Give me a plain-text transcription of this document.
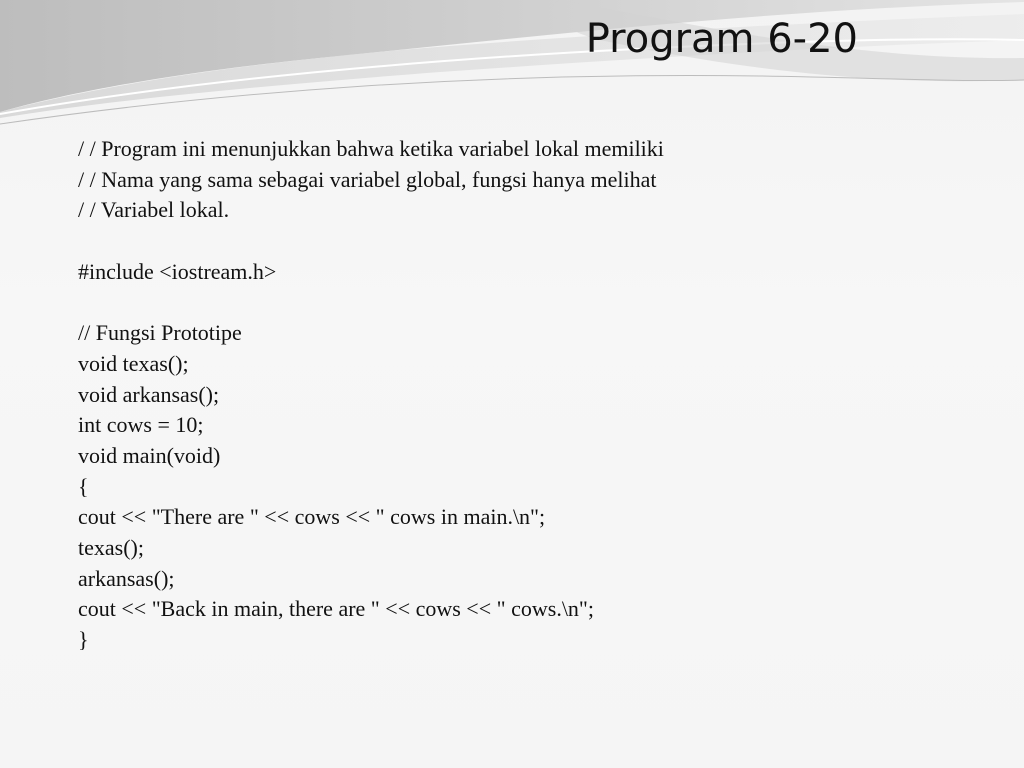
Program 6-20
/ / Program ini menunjukkan bahwa ketika variabel lokal memiliki
/ / Nama yang sama sebagai variabel global, fungsi hanya melihat
/ / Variabel lokal.
#include <iostream.h>
// Fungsi Prototipe
void texas();
void arkansas();
int cows = 10;
void main(void)
{
cout << "There are " << cows << " cows in main.\n";
texas();
arkansas();
cout << "Back in main, there are " << cows << " cows.\n";
}
